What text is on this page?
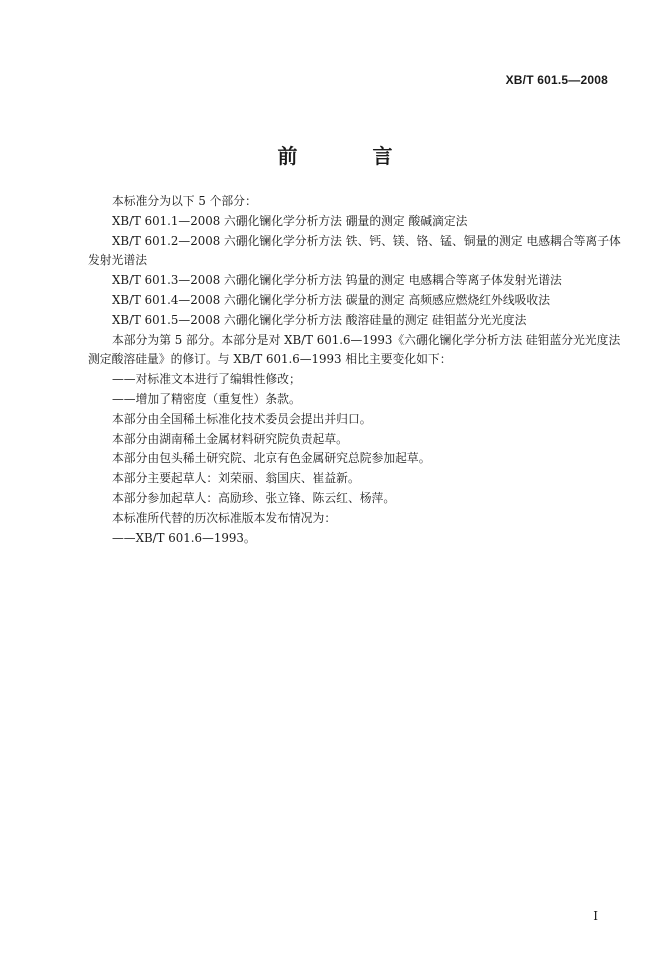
XB/T 601.5—2008
前 言

本标准分为以下 5 个部分：

XB/T 601.1—2008 六硼化镧化学分析方法 硼量的测定 酸碱滴定法

XB/T 601.2—2008 六硼化镧化学分析方法 铁、钙、镁、铬、锰、铜量的测定 电感耦合等离子体

发射光谱法

XB/T 601.3—2008 六硼化镧化学分析方法 钨量的测定 电感耦合等离子体发射光谱法

XB/T 601.4—2008 六硼化镧化学分析方法 碳量的测定 高频感应燃烧红外线吸收法

XB/T 601.5—2008 六硼化镧化学分析方法 酸溶硅量的测定 硅钼蓝分光光度法

本部分为第 5 部分。本部分是对 XB/T 601.6—1993《六硼化镧化学分析方法 硅钼蓝分光光度法

测定酸溶硅量》的修订。与 XB/T 601.6—1993 相比主要变化如下：

——对标准文本进行了编辑性修改；

——增加了精密度（重复性）条款。

本部分由全国稀土标准化技术委员会提出并归口。

本部分由湖南稀土金属材料研究院负责起草。

本部分由包头稀土研究院、北京有色金属研究总院参加起草。

本部分主要起草人：刘荣丽、翁国庆、崔益新。

本部分参加起草人：高励珍、张立锋、陈云红、杨萍。

本标准所代替的历次标准版本发布情况为：

——XB/T 601.6—1993。

I
